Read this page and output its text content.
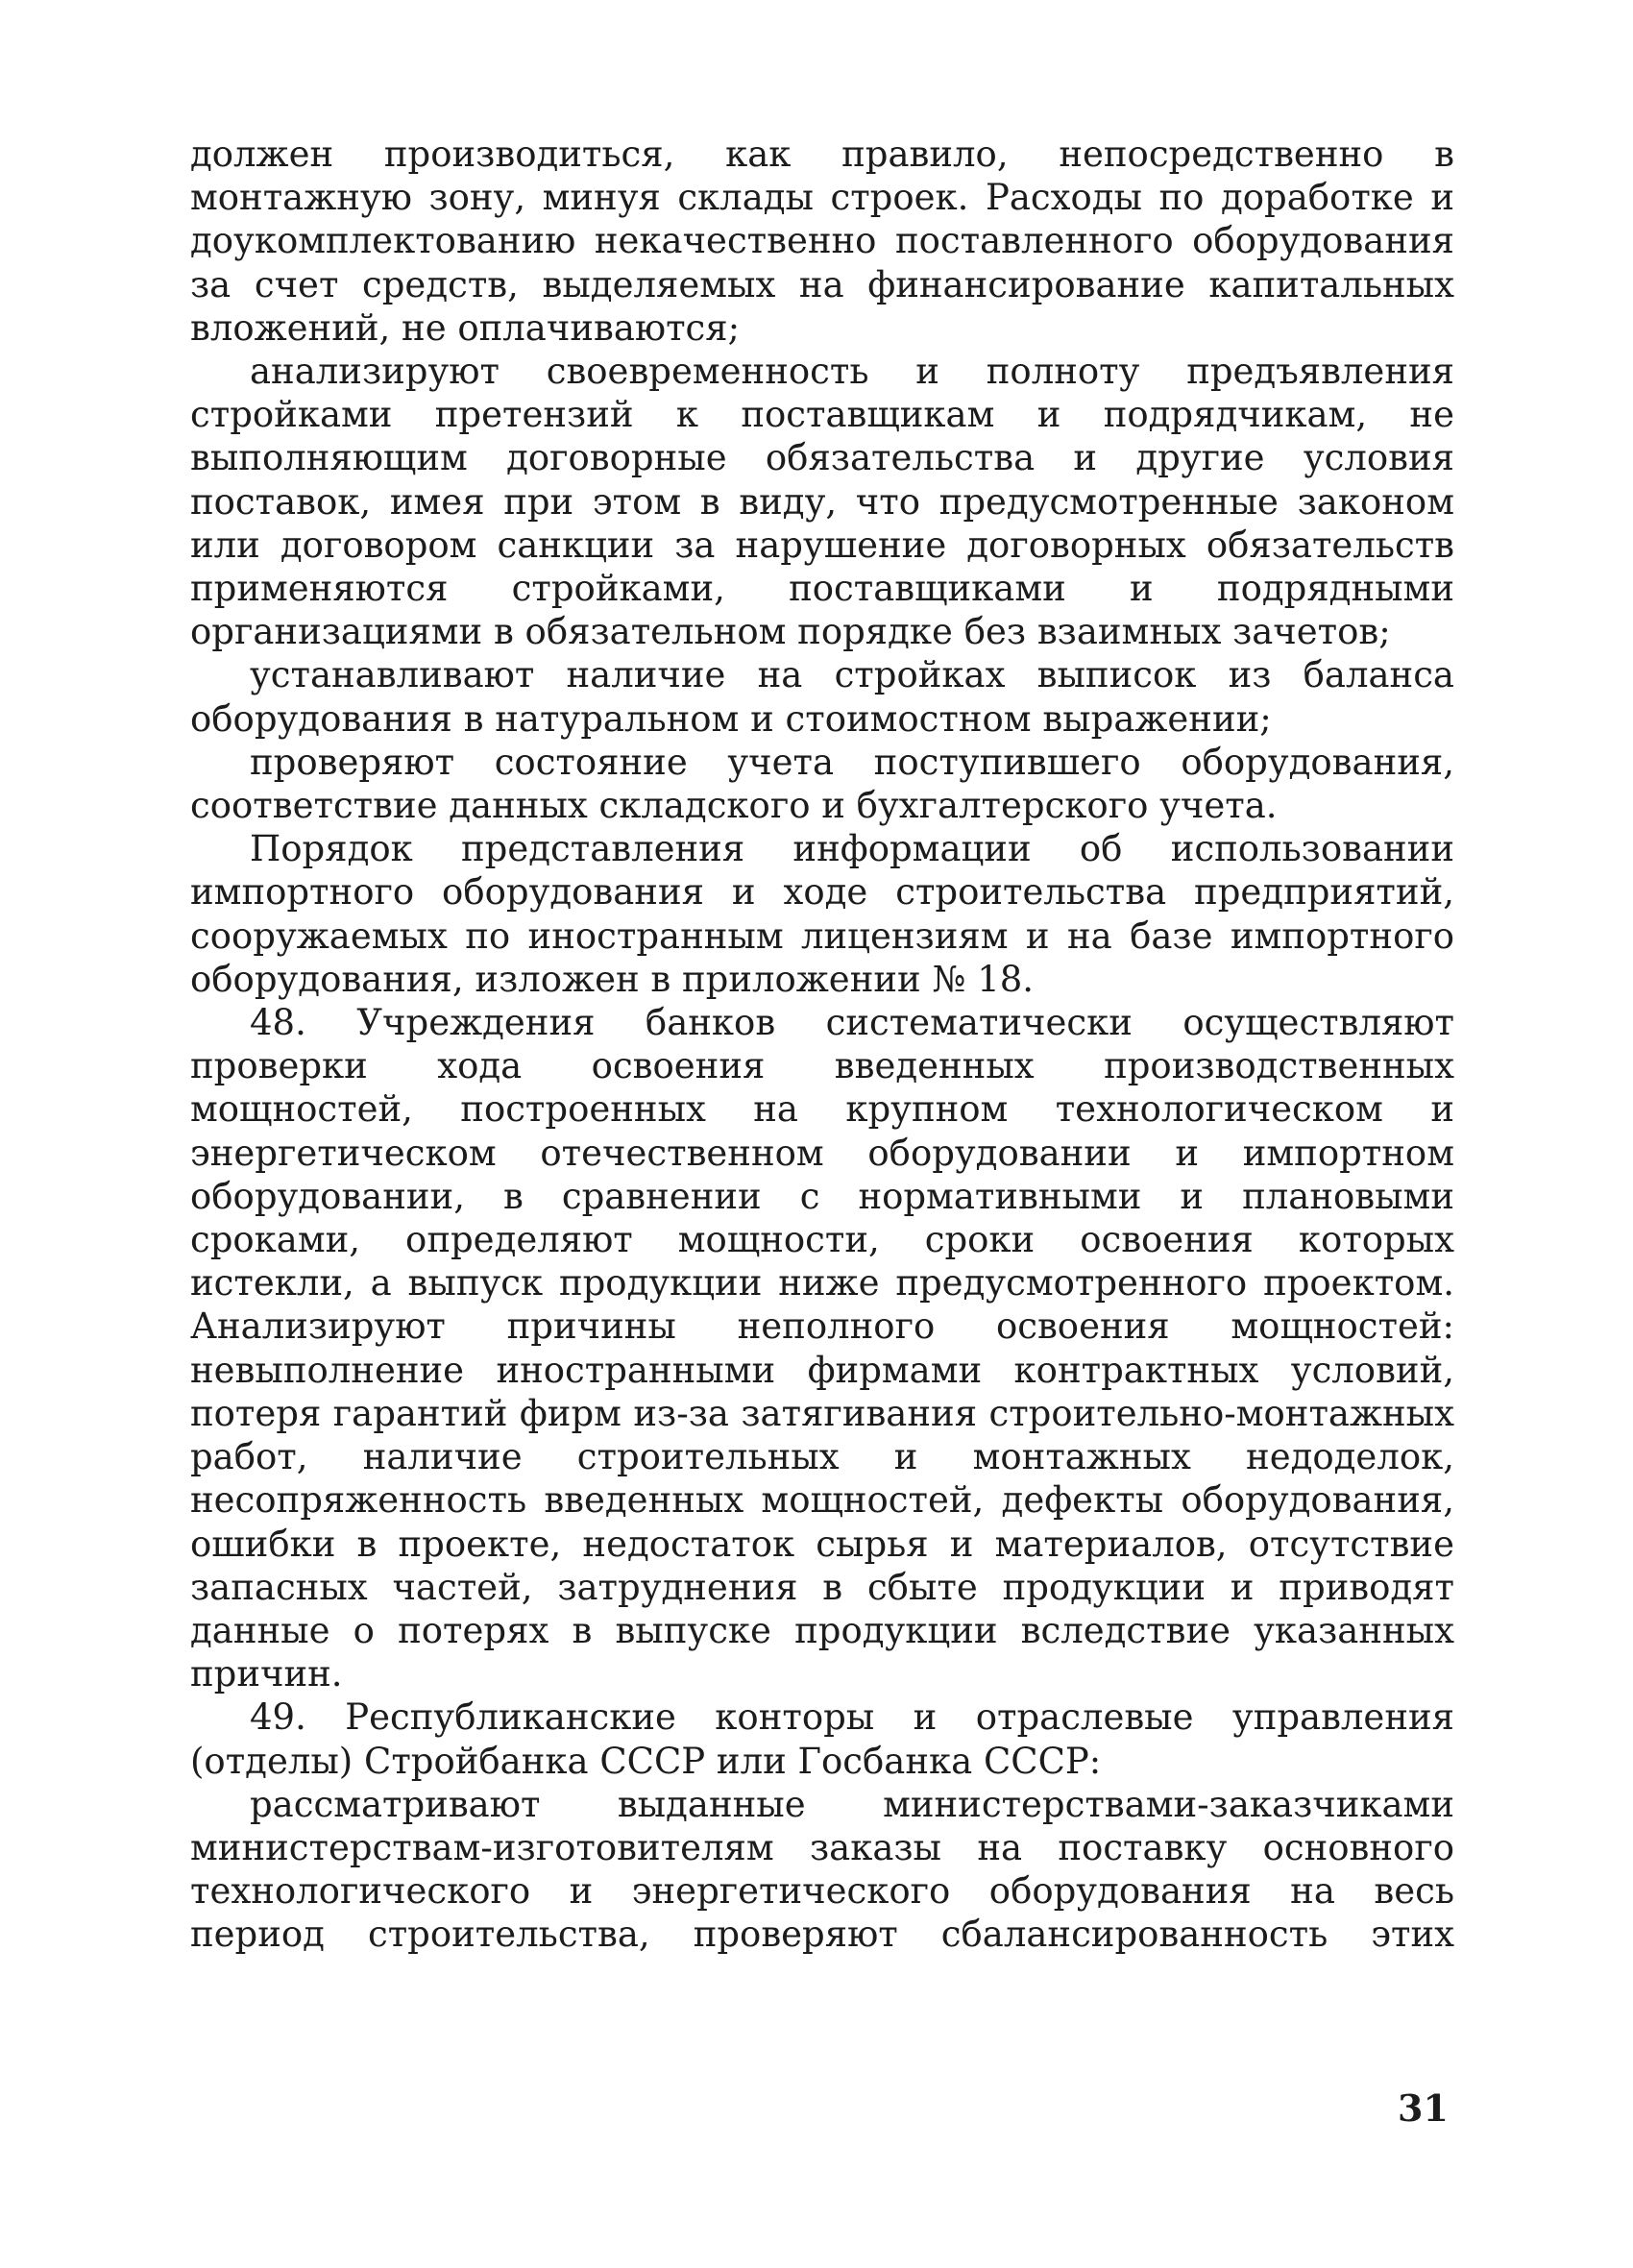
должен производиться, как правило, непосредственно в монтажную зону, минуя склады строек. Расходы по доработке и доукомплектованию некачественно поставленного оборудования за счет средств, выделяемых на финансирование капитальных вложений, не оплачиваются;

анализируют своевременность и полноту предъявления стройками претензий к поставщикам и подрядчикам, не выполняющим договорные обязательства и другие условия поставок, имея при этом в виду, что предусмотренные законом или договором санкции за нарушение договорных обязательств применяются стройками, поставщиками и подрядными организациями в обязательном порядке без взаимных зачетов;

устанавливают наличие на стройках выписок из баланса оборудования в натуральном и стоимостном выражении;

проверяют состояние учета поступившего оборудования, соответствие данных складского и бухгалтерского учета.

Порядок представления информации об использовании импортного оборудования и ходе строительства предприятий, сооружаемых по иностранным лицензиям и на базе импортного оборудования, изложен в приложении № 18.

48. Учреждения банков систематически осуществляют проверки хода освоения введенных производственных мощностей, построенных на крупном технологическом и энергетическом отечественном оборудовании и импортном оборудовании, в сравнении с нормативными и плановыми сроками, определяют мощности, сроки освоения которых истекли, а выпуск продукции ниже предусмотренного проектом. Анализируют причины неполного освоения мощностей: невыполнение иностранными фирмами контрактных условий, потеря гарантий фирм из-за затягивания строительно-монтажных работ, наличие строительных и монтажных недоделок, несопряженность введенных мощностей, дефекты оборудования, ошибки в проекте, недостаток сырья и материалов, отсутствие запасных частей, затруднения в сбыте продукции и приводят данные о потерях в выпуске продукции вследствие указанных причин.

49. Республиканские конторы и отраслевые управления (отделы) Стройбанка СССР или Госбанка СССР:

рассматривают выданные министерствами-заказчиками министерствам-изготовителям заказы на поставку основного технологического и энергетического оборудования на весь период строительства, проверяют сбалансированность этих

31
